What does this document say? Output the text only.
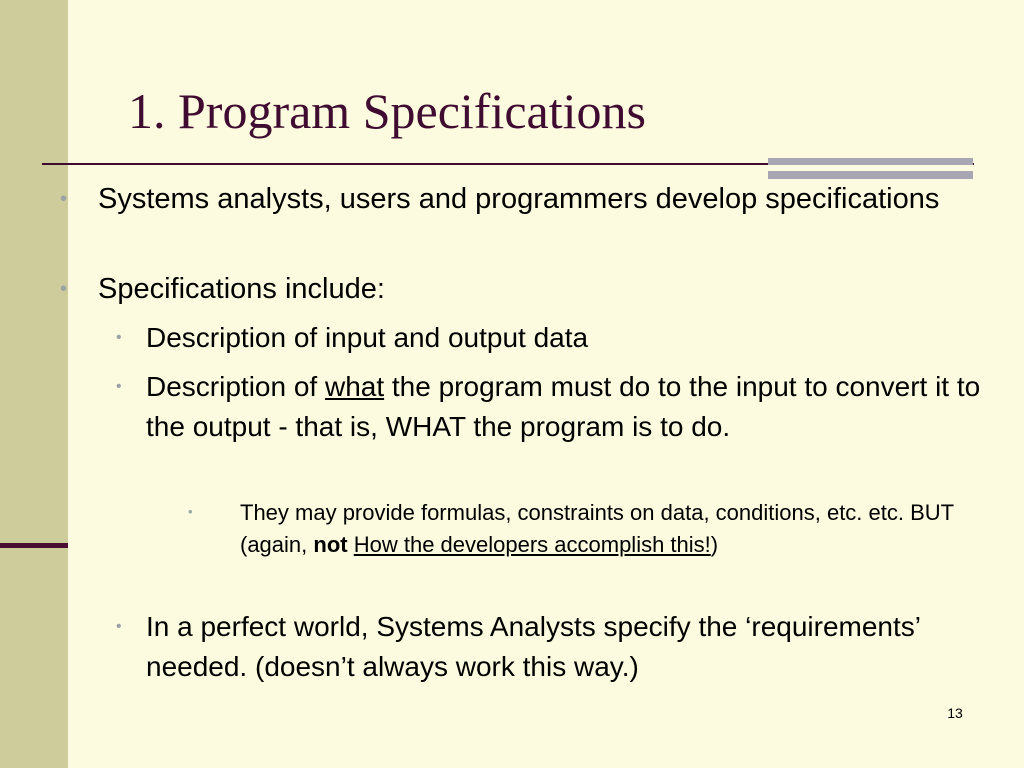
1. Program Specifications
• Systems analysts, users and programmers develop specifications
• Specifications include:
• Description of input and output data
• Description of what the program must do to the input to convert it to the output - that is, WHAT the program is to do.
• They may provide formulas, constraints on data, conditions, etc. etc. BUT (again, not How the developers accomplish this!)
• In a perfect world, Systems Analysts specify the ‘requirements’ needed. (doesn’t always work this way.)
13
